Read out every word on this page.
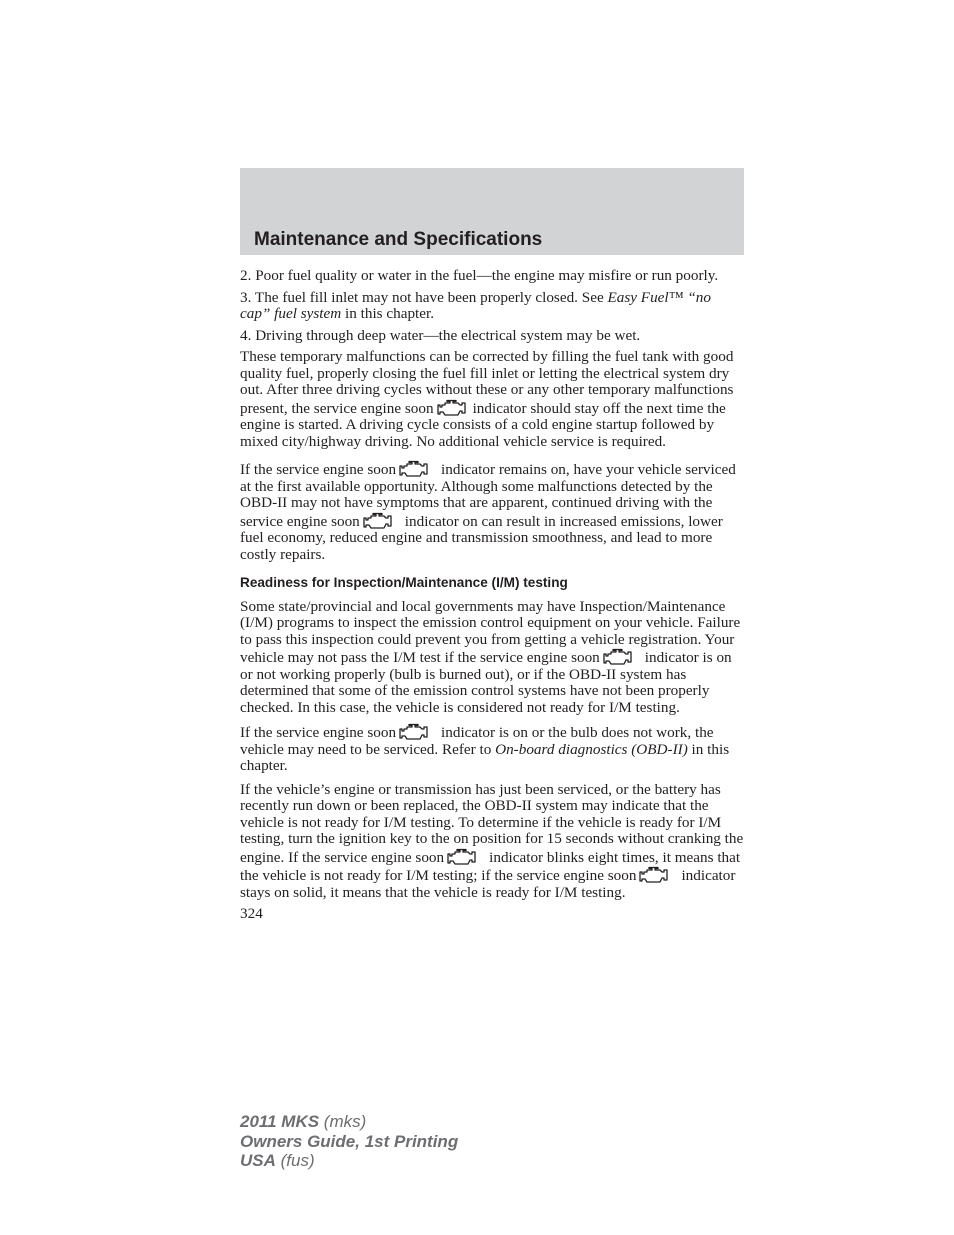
Maintenance and Specifications

2. Poor fuel quality or water in the fuel—the engine may misfire or run poorly.

3. The fuel fill inlet may not have been properly closed. See Easy Fuel™ “no cap” fuel system in this chapter.

4. Driving through deep water—the electrical system may be wet.

These temporary malfunctions can be corrected by filling the fuel tank with good quality fuel, properly closing the fuel fill inlet or letting the electrical system dry out. After three driving cycles without these or any other temporary malfunctions present, the service engine soon	indicator should stay off the next time the engine is started. A driving cycle consists of a cold engine startup followed by mixed city/highway driving. No additional vehicle service is required.

If the service engine soon	indicator remains on, have your vehicle serviced at the first available opportunity. Although some malfunctions detected by the OBD-II may not have symptoms that are apparent, continued driving with the service engine soon	indicator on can result in increased emissions, lower fuel economy, reduced engine and transmission smoothness, and lead to more costly repairs.

Readiness for Inspection/Maintenance (I/M) testing

Some state/provincial and local governments may have Inspection/Maintenance (I/M) programs to inspect the emission control equipment on your vehicle. Failure to pass this inspection could prevent you from getting a vehicle registration. Your vehicle may not pass the I/M test if the service engine soon	indicator is on or not working properly (bulb is burned out), or if the OBD-II system has determined that some of the emission control systems have not been properly checked. In this case, the vehicle is considered not ready for I/M testing.

If the service engine soon	indicator is on or the bulb does not work, the vehicle may need to be serviced. Refer to On-board diagnostics (OBD-II) in this chapter.

If the vehicle’s engine or transmission has just been serviced, or the battery has recently run down or been replaced, the OBD-II system may indicate that the vehicle is not ready for I/M testing. To determine if the vehicle is ready for I/M testing, turn the ignition key to the on position for 15 seconds without cranking the engine. If the service engine soon	indicator blinks eight times, it means that the vehicle is not ready for I/M testing; if the service engine soon	indicator stays on solid, it means that the vehicle is ready for I/M testing.

324
2011 MKS (mks)
Owners Guide, 1st Printing
USA (fus)
